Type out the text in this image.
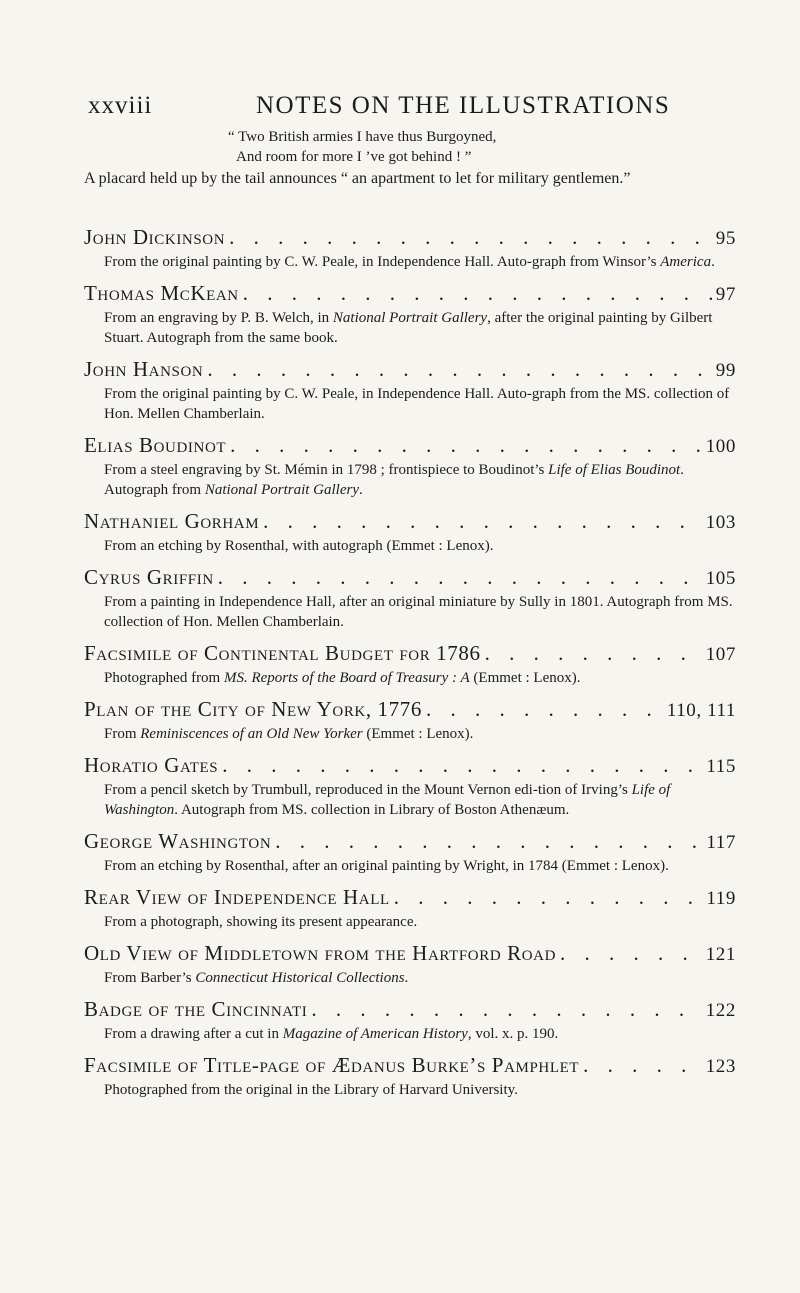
xxviii	NOTES ON THE ILLUSTRATIONS
“ Two British armies I have thus Burgoyned,
And room for more I ’ve got behind ! ”
A placard held up by the tail announces “ an apartment to let for military gentlemen.”
John Dickinson . . .	95
From the original painting by C. W. Peale, in Independence Hall. Auto-graph from Winsor’s America.
Thomas McKean . . .	97
From an engraving by P. B. Welch, in National Portrait Gallery, after the original painting by Gilbert Stuart. Autograph from the same book.
John Hanson . . .	99
From the original painting by C. W. Peale, in Independence Hall. Auto-graph from the MS. collection of Hon. Mellen Chamberlain.
Elias Boudinot . . .	100
From a steel engraving by St. Mémin in 1798 ; frontispiece to Boudinot’s Life of Elias Boudinot. Autograph from National Portrait Gallery.
Nathaniel Gorham . . .	103
From an etching by Rosenthal, with autograph (Emmet : Lenox).
Cyrus Griffin . . .	105
From a painting in Independence Hall, after an original miniature by Sully in 1801. Autograph from MS. collection of Hon. Mellen Chamberlain.
Facsimile of Continental Budget for 1786 . . .	107
Photographed from MS. Reports of the Board of Treasury : A (Emmet : Lenox).
Plan of the City of New York, 1776 . . .	110, 111
From Reminiscences of an Old New Yorker (Emmet : Lenox).
Horatio Gates . . .	115
From a pencil sketch by Trumbull, reproduced in the Mount Vernon edi-tion of Irving’s Life of Washington. Autograph from MS. collection in Library of Boston Athenæum.
George Washington . . .	117
From an etching by Rosenthal, after an original painting by Wright, in 1784 (Emmet : Lenox).
Rear View of Independence Hall . . .	119
From a photograph, showing its present appearance.
Old View of Middletown from the Hartford Road . . .	121
From Barber’s Connecticut Historical Collections.
Badge of the Cincinnati . . .	122
From a drawing after a cut in Magazine of American History, vol. x. p. 190.
Facsimile of Title-page of Ædanus Burke’s Pamphlet . . .	123
Photographed from the original in the Library of Harvard University.
